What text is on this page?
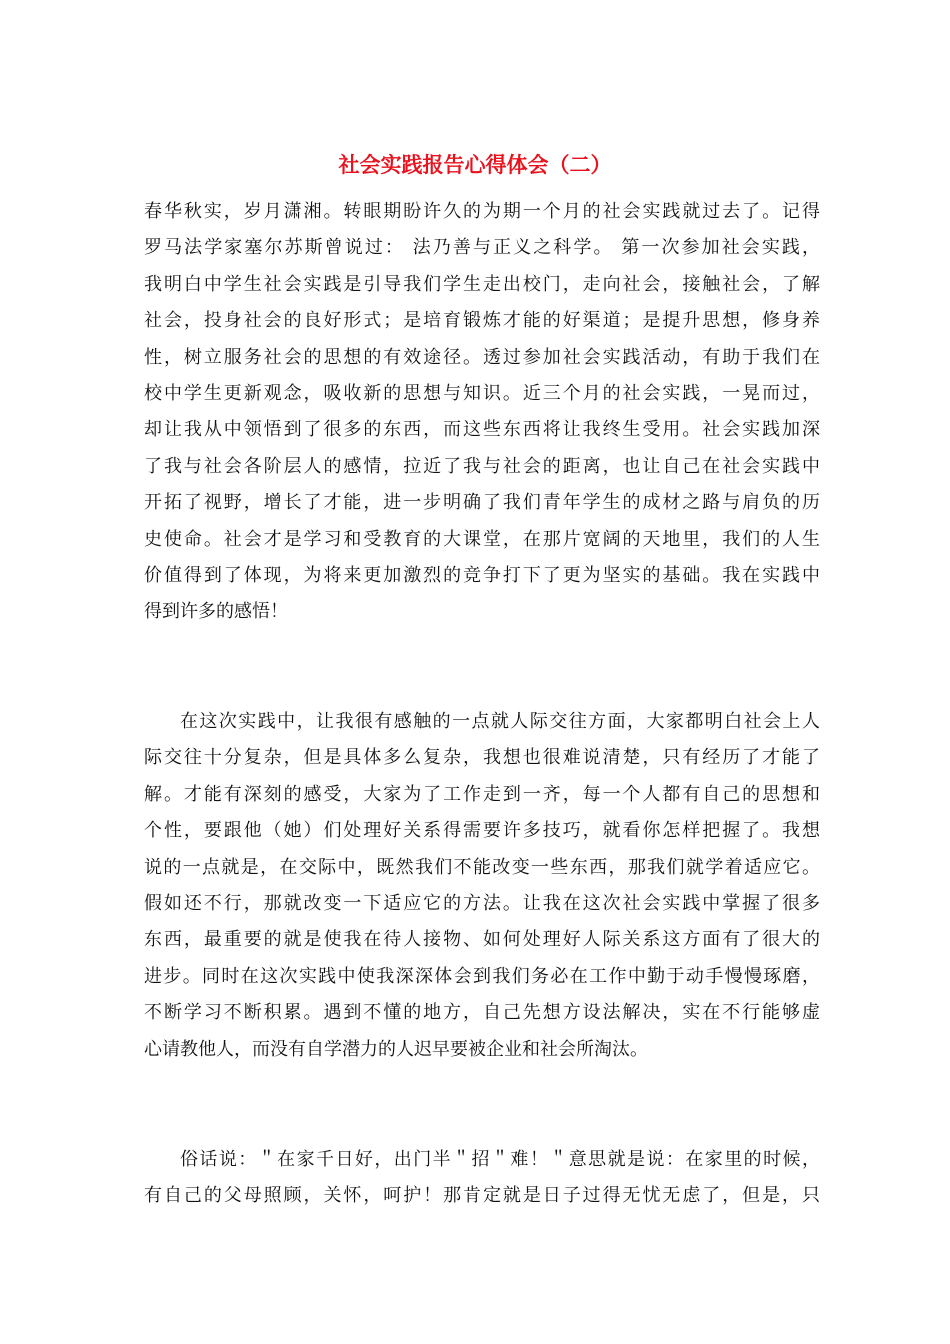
社会实践报告心得体会（二）
春华秋实，岁月潇湘。转眼期盼许久的为期一个月的社会实践就过去了。记得
罗马法学家塞尔苏斯曾说过： 法乃善与正义之科学。 第一次参加社会实践，
我明白中学生社会实践是引导我们学生走出校门，走向社会，接触社会，了解
社会，投身社会的良好形式；是培育锻炼才能的好渠道；是提升思想，修身养
性，树立服务社会的思想的有效途径。透过参加社会实践活动，有助于我们在
校中学生更新观念，吸收新的思想与知识。近三个月的社会实践，一晃而过，
却让我从中领悟到了很多的东西，而这些东西将让我终生受用。社会实践加深
了我与社会各阶层人的感情，拉近了我与社会的距离，也让自己在社会实践中
开拓了视野，增长了才能，进一步明确了我们青年学生的成材之路与肩负的历
史使命。社会才是学习和受教育的大课堂，在那片宽阔的天地里，我们的人生
价值得到了体现，为将来更加激烈的竞争打下了更为坚实的基础。我在实践中
得到许多的感悟！
在这次实践中，让我很有感触的一点就人际交往方面，大家都明白社会上人
际交往十分复杂，但是具体多么复杂，我想也很难说清楚，只有经历了才能了
解。才能有深刻的感受，大家为了工作走到一齐，每一个人都有自己的思想和
个性，要跟他（她）们处理好关系得需要许多技巧，就看你怎样把握了。我想
说的一点就是，在交际中，既然我们不能改变一些东西，那我们就学着适应它。
假如还不行，那就改变一下适应它的方法。让我在这次社会实践中掌握了很多
东西，最重要的就是使我在待人接物、如何处理好人际关系这方面有了很大的
进步。同时在这次实践中使我深深体会到我们务必在工作中勤于动手慢慢琢磨，
不断学习不断积累。遇到不懂的地方，自己先想方设法解决，实在不行能够虚
心请教他人，而没有自学潜力的人迟早要被企业和社会所淘汰。
俗话说：＂在家千日好，出门半＂招＂难！＂意思就是说：在家里的时候，
有自己的父母照顾，关怀，呵护！那肯定就是日子过得无忧无虑了，但是，只
